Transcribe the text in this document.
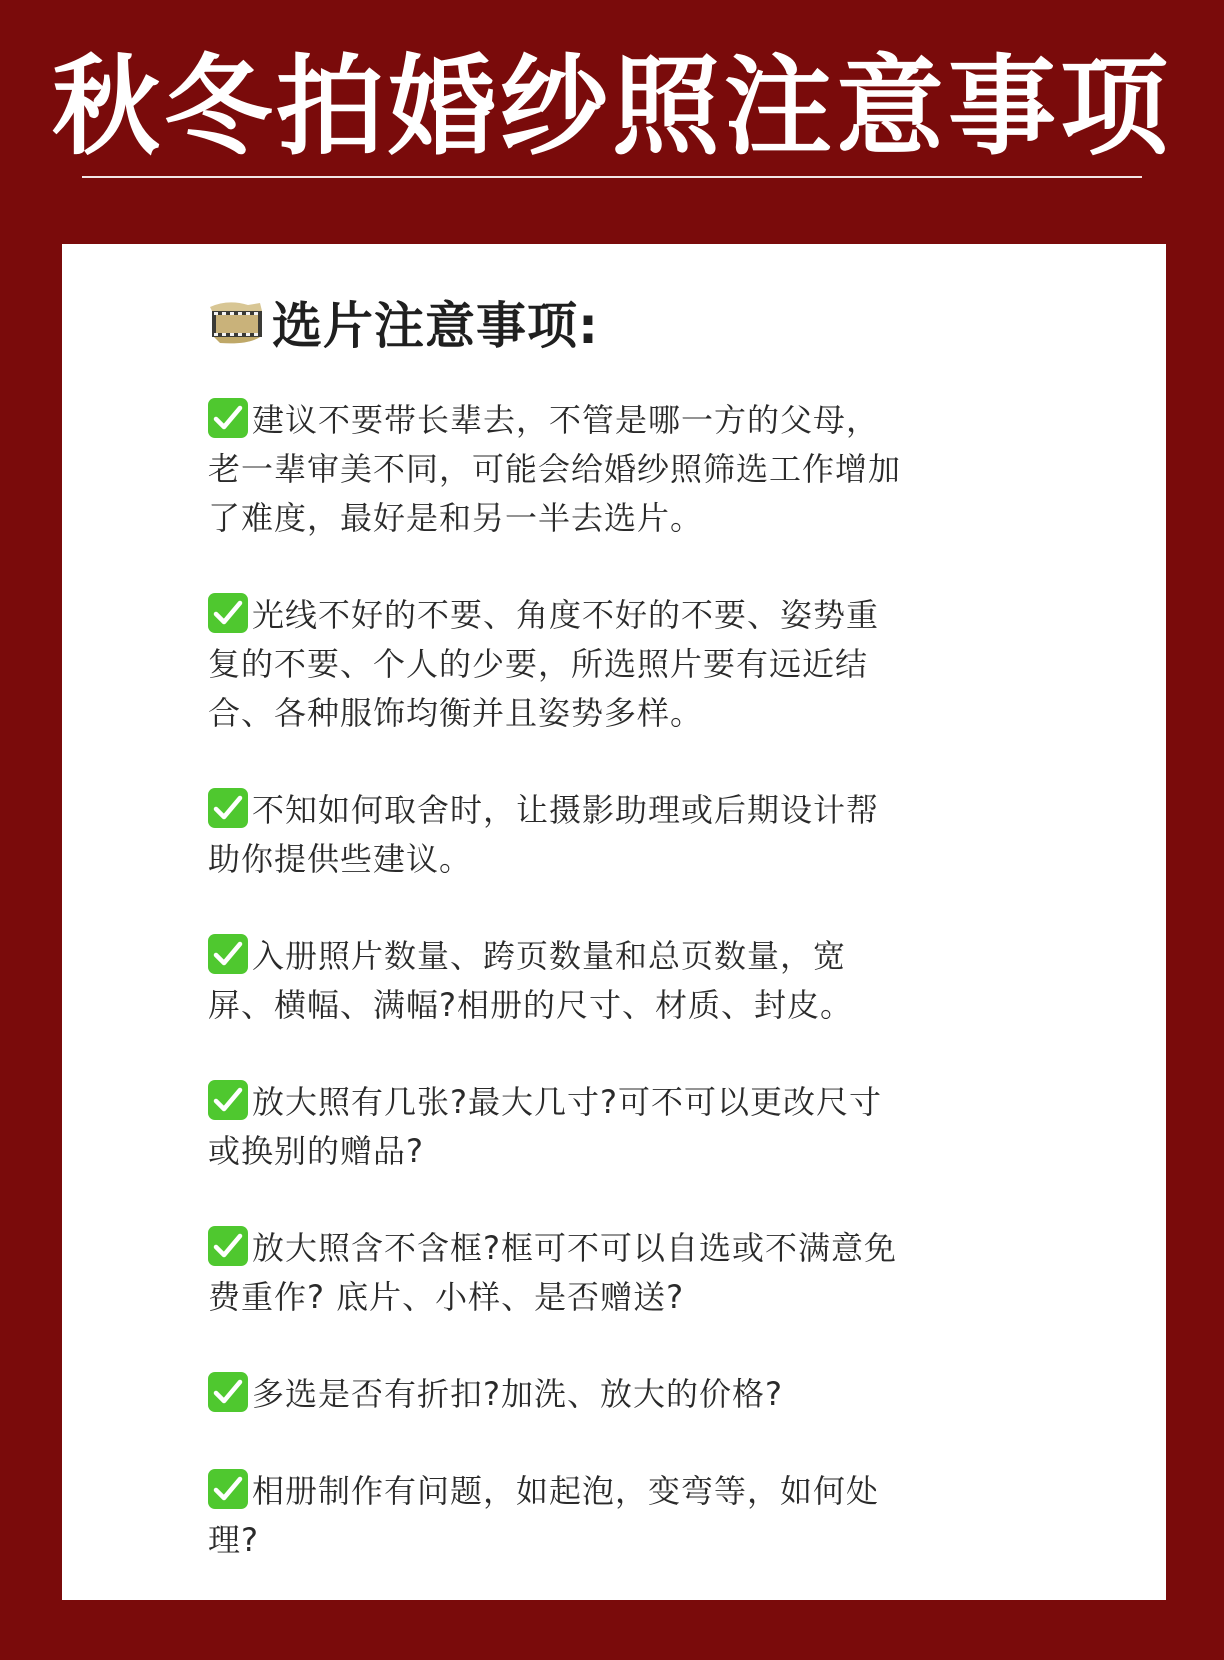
秋冬拍婚纱照注意事项
选片注意事项:
建议不要带长辈去，不管是哪一方的父母，老一辈审美不同，可能会给婚纱照筛选工作增加了难度，最好是和另一半去选片。
光线不好的不要、角度不好的不要、姿势重复的不要、个人的少要，所选照片要有远近结合、各种服饰均衡并且姿势多样。
不知如何取舍时，让摄影助理或后期设计帮助你提供些建议。
入册照片数量、跨页数量和总页数量，宽屏、横幅、满幅?相册的尺寸、材质、封皮。
放大照有几张?最大几寸?可不可以更改尺寸或换别的赠品?
放大照含不含框?框可不可以自选或不满意免费重作? 底片、小样、是否赠送?
多选是否有折扣?加洗、放大的价格?
相册制作有问题，如起泡，变弯等，如何处理?
